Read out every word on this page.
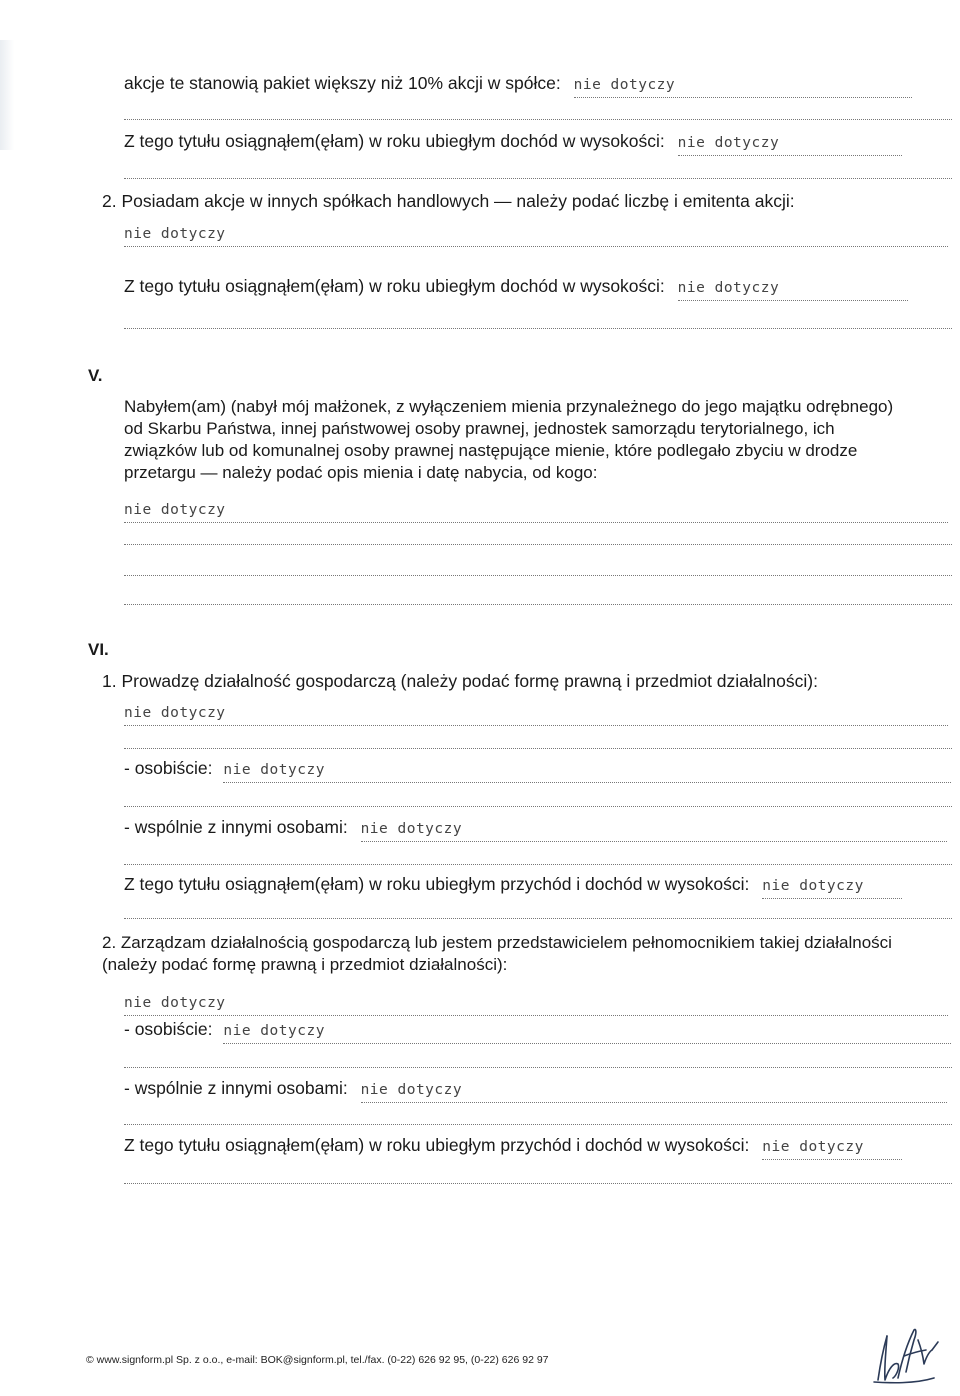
akcje te stanowią pakiet większy niż 10% akcji w spółce: nie dotyczy
Z tego tytułu osiągnąłem(ęłam) w roku ubiegłym dochód w wysokości: nie dotyczy
2. Posiadam akcje w innych spółkach handlowych — należy podać liczbę i emitenta akcji:
nie dotyczy
Z tego tytułu osiągnąłem(ęłam) w roku ubiegłym dochód w wysokości: nie dotyczy
V.
Nabyłem(am) (nabył mój małżonek, z wyłączeniem mienia przynależnego do jego majątku odrębnego) od Skarbu Państwa, innej państwowej osoby prawnej, jednostek samorządu terytorialnego, ich związków lub od komunalnej osoby prawnej następujące mienie, które podlegało zbyciu w drodze przetargu — należy podać opis mienia i datę nabycia, od kogo:
nie dotyczy
VI.
1. Prowadzę działalność gospodarczą (należy podać formę prawną i przedmiot działalności):
nie dotyczy
- osobiście: nie dotyczy
- wspólnie z innymi osobami: nie dotyczy
Z tego tytułu osiągnąłem(ęłam) w roku ubiegłym przychód i dochód w wysokości: nie dotyczy
2. Zarządzam działalnością gospodarczą lub jestem przedstawicielem pełnomocnikiem takiej działalności (należy podać formę prawną i przedmiot działalności):
nie dotyczy
- osobiście: nie dotyczy
- wspólnie z innymi osobami: nie dotyczy
Z tego tytułu osiągnąłem(ęłam) w roku ubiegłym przychód i dochód w wysokości: nie dotyczy
© www.signform.pl Sp. z o.o., e-mail: BOK@signform.pl, tel./fax. (0-22) 626 92 95, (0-22) 626 92 97
